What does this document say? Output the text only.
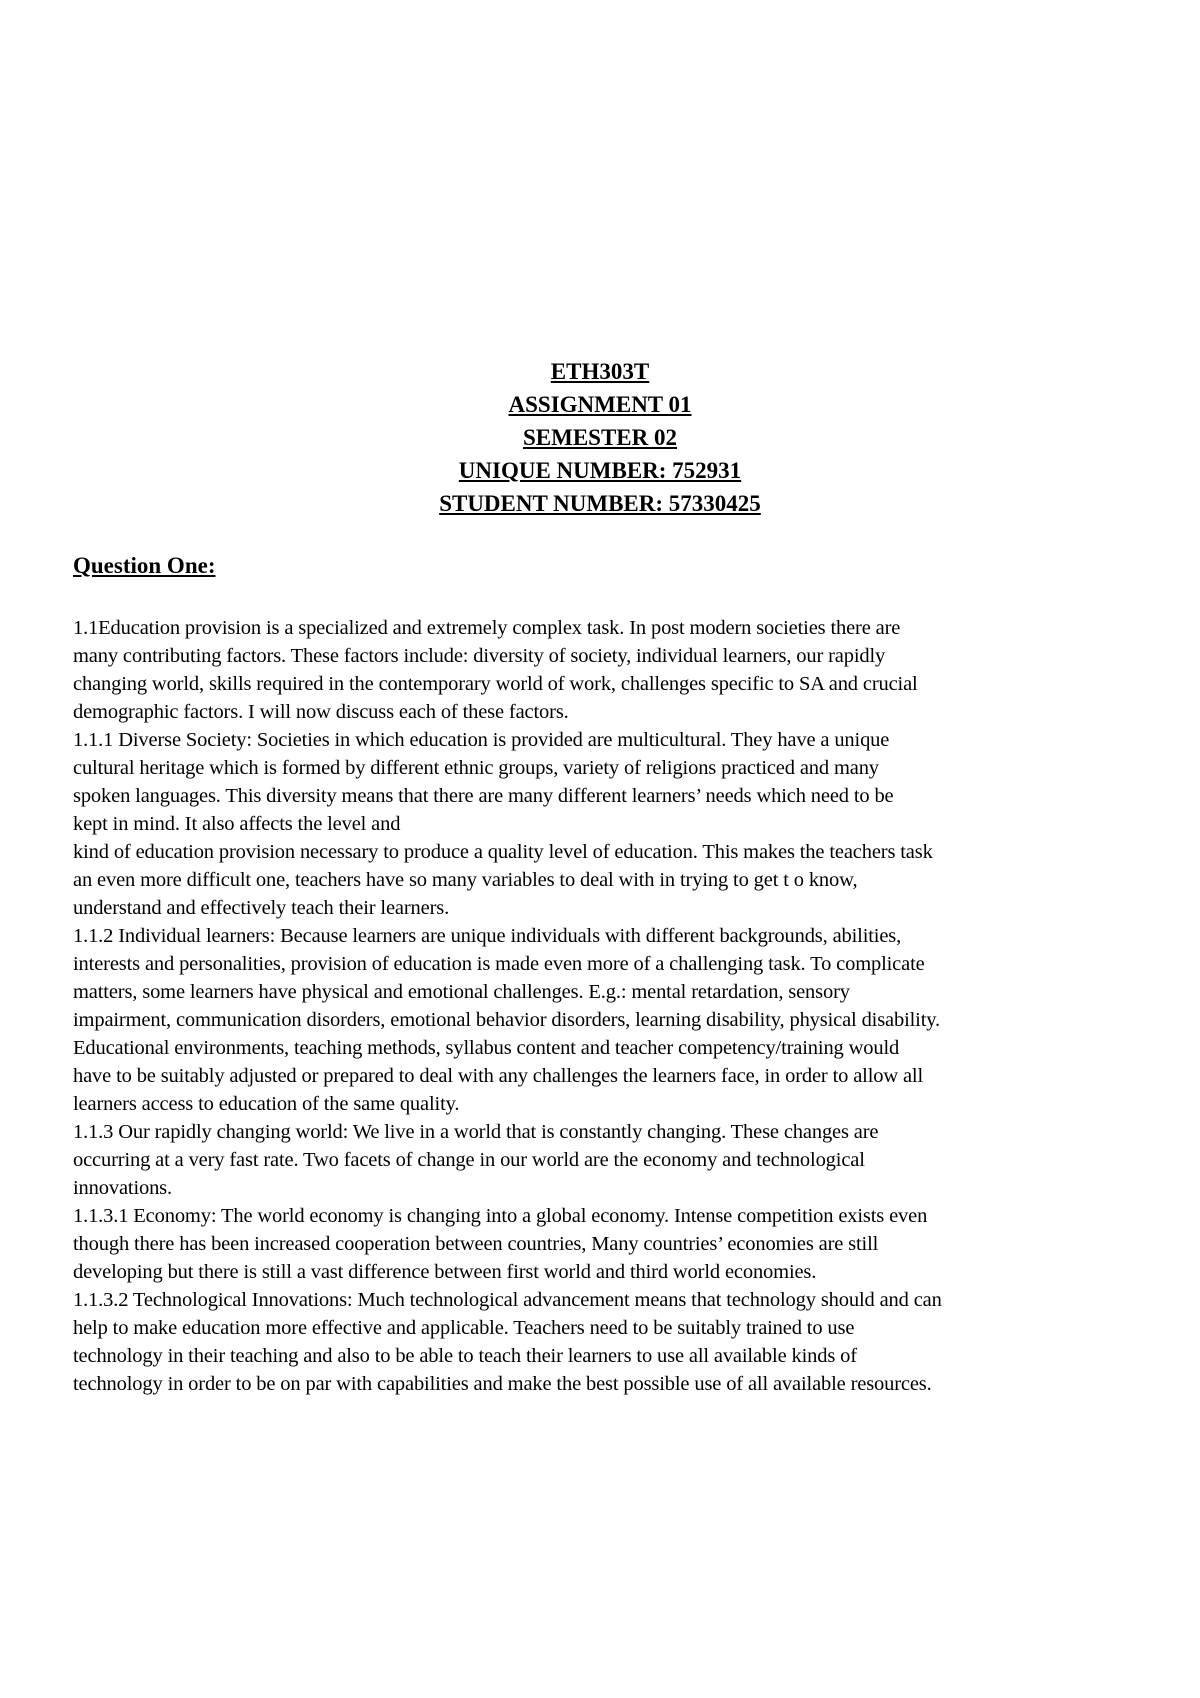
ETH303T

ASSIGNMENT 01

SEMESTER 02

UNIQUE NUMBER: 752931

STUDENT NUMBER: 57330425

Question One:

1.1Education provision is a specialized and extremely complex task. In post modern societies there are

many contributing factors. These factors include: diversity of society, individual learners, our rapidly

changing world, skills required in the contemporary world of work, challenges specific to SA and crucial

demographic factors. I will now discuss each of these factors.

1.1.1 Diverse Society: Societies in which education is provided are multicultural. They have a unique

cultural heritage which is formed by different ethnic groups, variety of religions practiced and many

spoken languages. This diversity means that there are many different learners’ needs which need to be

kept in mind. It also affects the level and

kind of education provision necessary to produce a quality level of education. This makes the teachers task

an even more difficult one, teachers have so many variables to deal with in trying to get t o know,

understand and effectively teach their learners.

1.1.2 Individual learners: Because learners are unique individuals with different backgrounds, abilities,

interests and personalities, provision of education is made even more of a challenging task. To complicate

matters, some learners have physical and emotional challenges. E.g.: mental retardation, sensory

impairment, communication disorders, emotional behavior disorders, learning disability, physical disability.

Educational environments, teaching methods, syllabus content and teacher competency/training would

have to be suitably adjusted or prepared to deal with any challenges the learners face, in order to allow all

learners access to education of the same quality.

1.1.3 Our rapidly changing world: We live in a world that is constantly changing. These changes are

occurring at a very fast rate. Two facets of change in our world are the economy and technological

innovations.

1.1.3.1 Economy: The world economy is changing into a global economy. Intense competition exists even

though there has been increased cooperation between countries, Many countries’ economies are still

developing but there is still a vast difference between first world and third world economies.

1.1.3.2 Technological Innovations: Much technological advancement means that technology should and can

help to make education more effective and applicable. Teachers need to be suitably trained to use

technology in their teaching and also to be able to teach their learners to use all available kinds of

technology in order to be on par with capabilities and make the best possible use of all available resources.
